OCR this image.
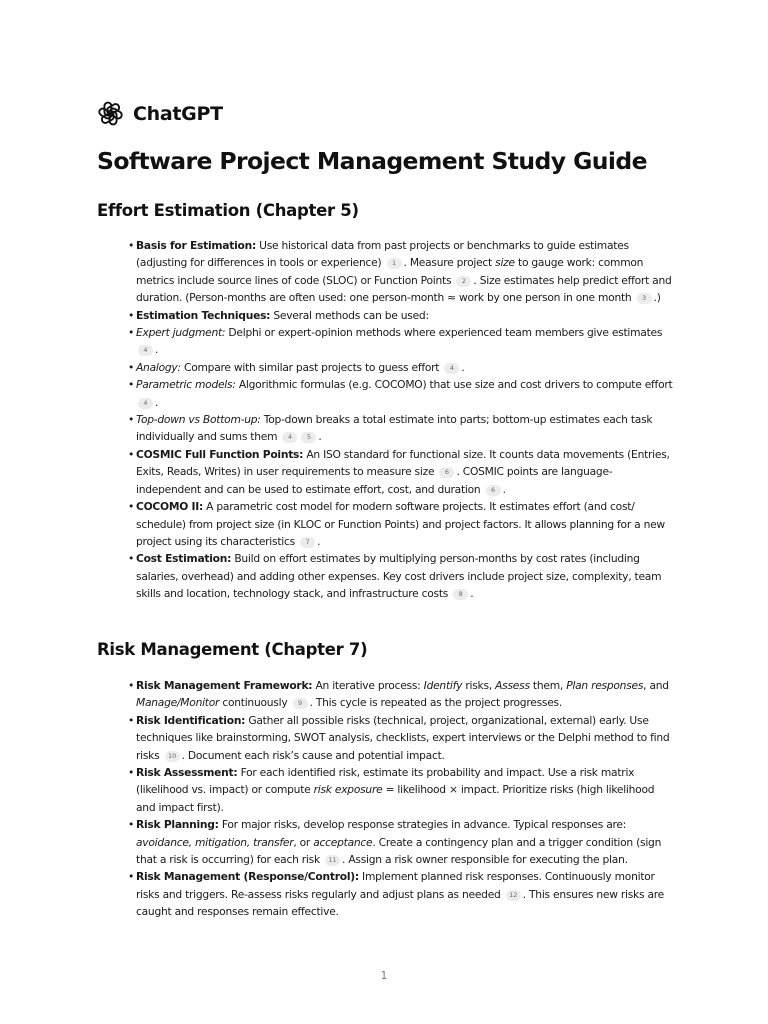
ChatGPT
Software Project Management Study Guide
Effort Estimation (Chapter 5)
• Basis for Estimation: Use historical data from past projects or benchmarks to guide estimates (adjusting for differences in tools or experience) 1 . Measure project size to gauge work: common metrics include source lines of code (SLOC) or Function Points 2 . Size estimates help predict effort and duration. (Person-months are often used: one person-month ≈ work by one person in one month 3 .)
• Estimation Techniques: Several methods can be used:
• Expert judgment: Delphi or expert-opinion methods where experienced team members give estimates 4 .
• Analogy: Compare with similar past projects to guess effort 4 .
• Parametric models: Algorithmic formulas (e.g. COCOMO) that use size and cost drivers to compute effort 4 .
• Top-down vs Bottom-up: Top-down breaks a total estimate into parts; bottom-up estimates each task individually and sums them 4 5 .
• COSMIC Full Function Points: An ISO standard for functional size. It counts data movements (Entries, Exits, Reads, Writes) in user requirements to measure size 6 . COSMIC points are language-independent and can be used to estimate effort, cost, and duration 6 .
• COCOMO II: A parametric cost model for modern software projects. It estimates effort (and cost/ schedule) from project size (in KLOC or Function Points) and project factors. It allows planning for a new project using its characteristics 7 .
• Cost Estimation: Build on effort estimates by multiplying person-months by cost rates (including salaries, overhead) and adding other expenses. Key cost drivers include project size, complexity, team skills and location, technology stack, and infrastructure costs 8 .
Risk Management (Chapter 7)
• Risk Management Framework: An iterative process: Identify risks, Assess them, Plan responses, and Manage/Monitor continuously 9 . This cycle is repeated as the project progresses.
• Risk Identification: Gather all possible risks (technical, project, organizational, external) early. Use techniques like brainstorming, SWOT analysis, checklists, expert interviews or the Delphi method to find risks 10 . Document each risk’s cause and potential impact.
• Risk Assessment: For each identified risk, estimate its probability and impact. Use a risk matrix (likelihood vs. impact) or compute risk exposure = likelihood × impact. Prioritize risks (high likelihood and impact first).
• Risk Planning: For major risks, develop response strategies in advance. Typical responses are: avoidance, mitigation, transfer, or acceptance. Create a contingency plan and a trigger condition (sign that a risk is occurring) for each risk 11 . Assign a risk owner responsible for executing the plan.
• Risk Management (Response/Control): Implement planned risk responses. Continuously monitor risks and triggers. Re-assess risks regularly and adjust plans as needed 12 . This ensures new risks are caught and responses remain effective.
1
